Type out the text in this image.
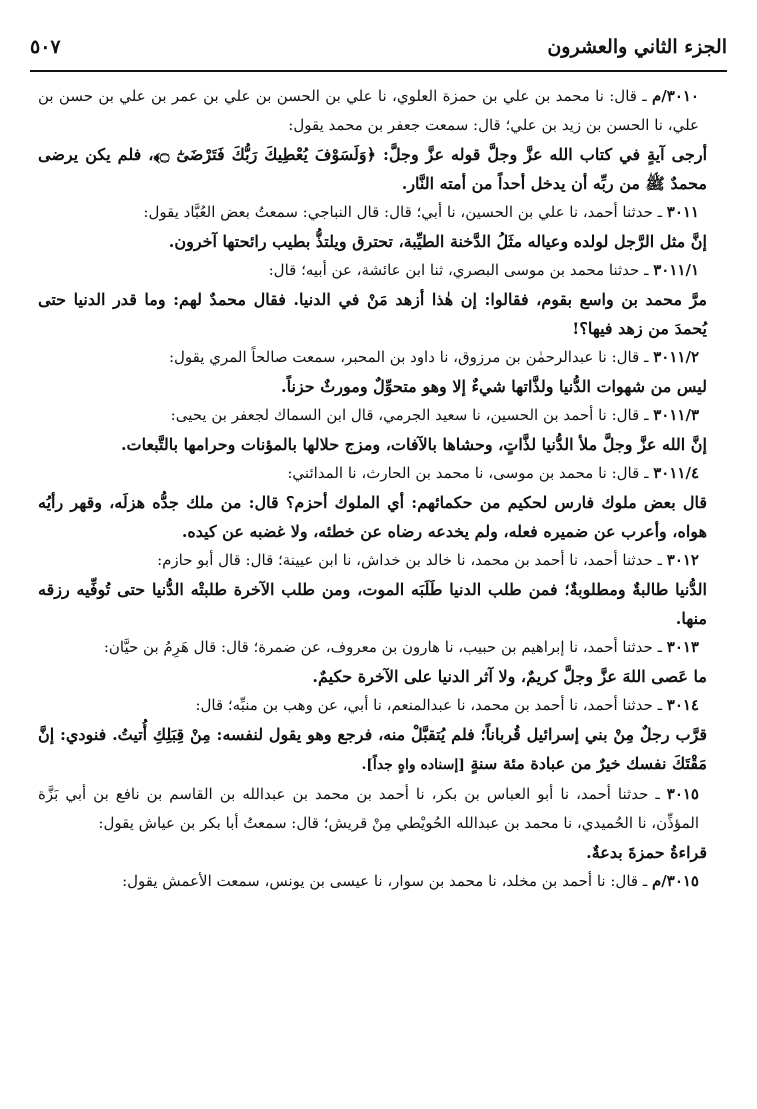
الجزء الثاني والعشرون
٥٠٧

٣٠١٠/م ـ قال: نا محمد بن علي بن حمزة العلوي، نا علي بن الحسن بن علي بن عمر بن علي بن حسن بن علي، نا الحسن بن زيد بن علي؛ قال: سمعت جعفر بن محمد يقول:

أرجى آيةٍ في كتاب الله عزَّ وجلَّ قوله عزَّ وجلَّ: ﴿وَلَسَوْفَ يُعْطِيكَ رَبُّكَ فَتَرْضَىٰٓ ۝﴾، فلم يكن يرضى محمدٌ ﷺ من ربِّه أن يدخل أحداً من أمته النَّار.

٣٠١١ ـ حدثنا أحمد، نا علي بن الحسين، نا أبي؛ قال: قال النباجي: سمعتُ بعض العُبَّاد يقول:

إنَّ مثل الرَّجل لولده وعياله مثَلُ الدَّخنة الطيِّبة، تحترق ويلتذُّ بطيب رائحتها آخرون.

٣٠١١/١ ـ حدثنا محمد بن موسى البصري، ثنا ابن عائشة، عن أبيه؛ قال:

مرَّ محمد بن واسع بقوم، فقالوا: إن هٰذا أزهد مَنْ في الدنيا. فقال محمدٌ لهم: وما قدر الدنيا حتى يُحمدَ من زهد فيها؟!

٣٠١١/٢ ـ قال: نا عبدالرحمٰن بن مرزوق، نا داود بن المحبر، سمعت صالحاً المري يقول:

ليس من شهوات الدُّنيا ولذَّاتها شيءٌ إلا وهو متحوِّلٌ ومورثٌ حزناً.

٣٠١١/٣ ـ قال: نا أحمد بن الحسين، نا سعيد الجرمي، قال ابن السماك لجعفر بن يحيى:

إنَّ الله عزَّ وجلَّ ملأ الدُّنيا لذَّاتٍ، وحشاها بالآفات، ومزج حلالها بالمؤنات وحرامها بالتَّبعات.

٣٠١١/٤ ـ قال: نا محمد بن موسى، نا محمد بن الحارث، نا المدائني:

قال بعض ملوك فارس لحكيم من حكمائهم: أي الملوك أحزم؟ قال: من ملك جدُّه هزلَه، وقهر رأيُه هواه، وأعرب عن ضميره فعله، ولم يخدعه رضاه عن خطئه، ولا غضبه عن كيده.

٣٠١٢ ـ حدثنا أحمد، نا أحمد بن محمد، نا خالد بن خداش، نا ابن عيينة؛ قال: قال أبو حازم:

الدُّنيا طالبةٌ ومطلوبةٌ؛ فمن طلب الدنيا طَلَبَه الموت، ومن طلب الآخرة طلبتْه الدُّنيا حتى تُوفِّيه رزقه منها.

٣٠١٣ ـ حدثنا أحمد، نا إبراهيم بن حبيب، نا هارون بن معروف، عن ضمرة؛ قال: قال هَرِمُ بن حيَّان:

ما عَصى اللهَ عزَّ وجلَّ كريمٌ، ولا آثر الدنيا على الآخرة حكيمٌ.

٣٠١٤ ـ حدثنا أحمد، نا أحمد بن محمد، نا عبدالمنعم، نا أبي، عن وهب بن منبِّه؛ قال:

قرَّب رجلٌ مِنْ بني إسرائيل قُرباناً؛ فلم يُتقبَّلْ منه، فرجع وهو يقول لنفسه: مِنْ قِبَلِكِ أُتيتُ. فنودي: إنَّ مَقْتَكَ نفسك خيرٌ من عبادة مئة سنةٍ [إسناده واهٍ جداً].

٣٠١٥ ـ حدثنا أحمد، نا أبو العباس بن بكر، نا أحمد بن محمد بن عبدالله بن القاسم بن نافع بن أبي بَزَّة المؤذِّن، نا الحُميدي، نا محمد بن عبدالله الحُويْطي مِنْ قريش؛ قال: سمعتُ أبا بكر بن عياش يقول:

قراءةُ حمزةَ بدعةٌ.

٣٠١٥/م ـ قال: نا أحمد بن مخلد، نا محمد بن سوار، نا عيسى بن يونس، سمعت الأعمش يقول:
